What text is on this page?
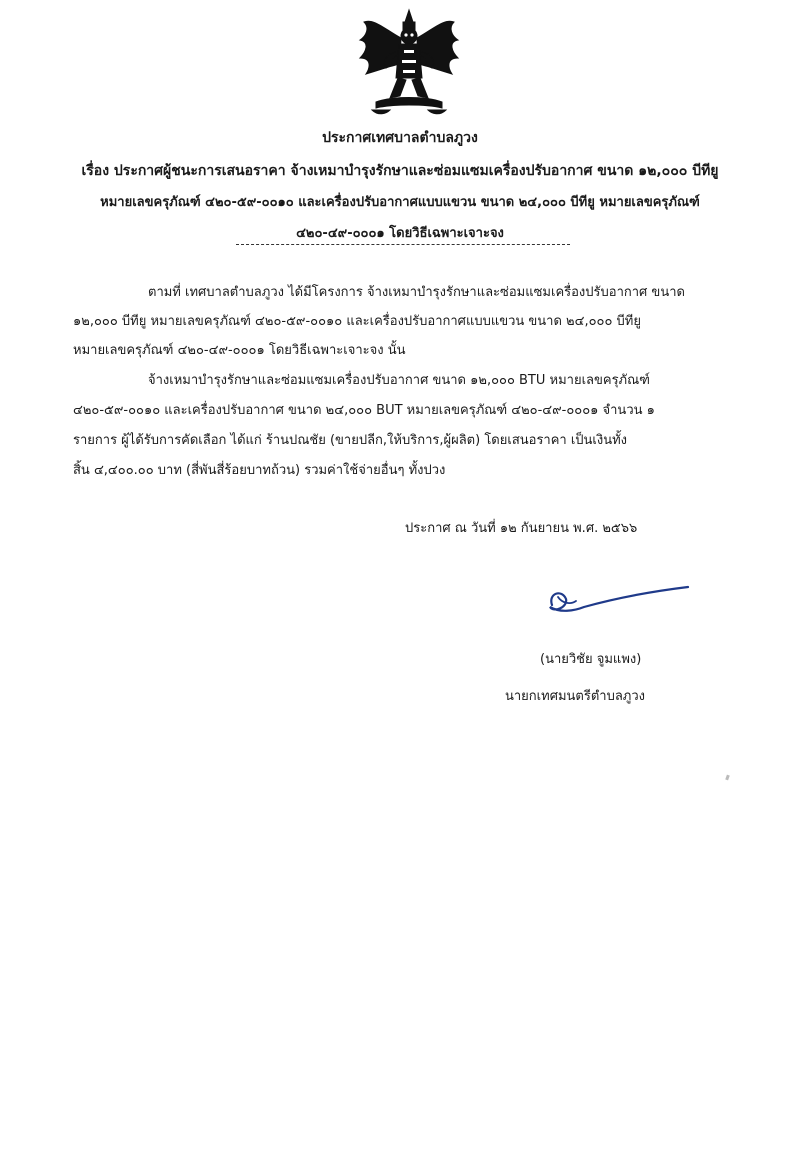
ประกาศเทศบาลตำบลภูวง
เรื่อง ประกาศผู้ชนะการเสนอราคา จ้างเหมาบำรุงรักษาและซ่อมแซมเครื่องปรับอากาศ ขนาด ๑๒,๐๐๐ บีทียู
หมายเลขครุภัณฑ์ ๔๒๐-๕๙-๐๐๑๐ และเครื่องปรับอากาศแบบแขวน ขนาด ๒๔,๐๐๐ บีทียู หมายเลขครุภัณฑ์
๔๒๐-๔๙-๐๐๐๑ โดยวิธีเฉพาะเจาะจง
ตามที่ เทศบาลตำบลภูวง ได้มีโครงการ จ้างเหมาบำรุงรักษาและซ่อมแซมเครื่องปรับอากาศ ขนาด
๑๒,๐๐๐ บีทียู หมายเลขครุภัณฑ์ ๔๒๐-๕๙-๐๐๑๐ และเครื่องปรับอากาศแบบแขวน ขนาด ๒๔,๐๐๐ บีทียู
หมายเลขครุภัณฑ์ ๔๒๐-๔๙-๐๐๐๑ โดยวิธีเฉพาะเจาะจง นั้น
จ้างเหมาบำรุงรักษาและซ่อมแซมเครื่องปรับอากาศ ขนาด ๑๒,๐๐๐ BTU หมายเลขครุภัณฑ์
๔๒๐-๕๙-๐๐๑๐ และเครื่องปรับอากาศ ขนาด ๒๔,๐๐๐ BUT หมายเลขครุภัณฑ์ ๔๒๐-๔๙-๐๐๐๑ จำนวน ๑
รายการ ผู้ได้รับการคัดเลือก ได้แก่ ร้านปณชัย (ขายปลีก,ให้บริการ,ผู้ผลิต) โดยเสนอราคา เป็นเงินทั้ง
สิ้น ๔,๔๐๐.๐๐ บาท (สี่พันสี่ร้อยบาทถ้วน) รวมค่าใช้จ่ายอื่นๆ ทั้งปวง
ประกาศ ณ วันที่ ๑๒ กันยายน พ.ศ. ๒๕๖๖
(นายวิชัย จูมแพง)
นายกเทศมนตรีตำบลภูวง
